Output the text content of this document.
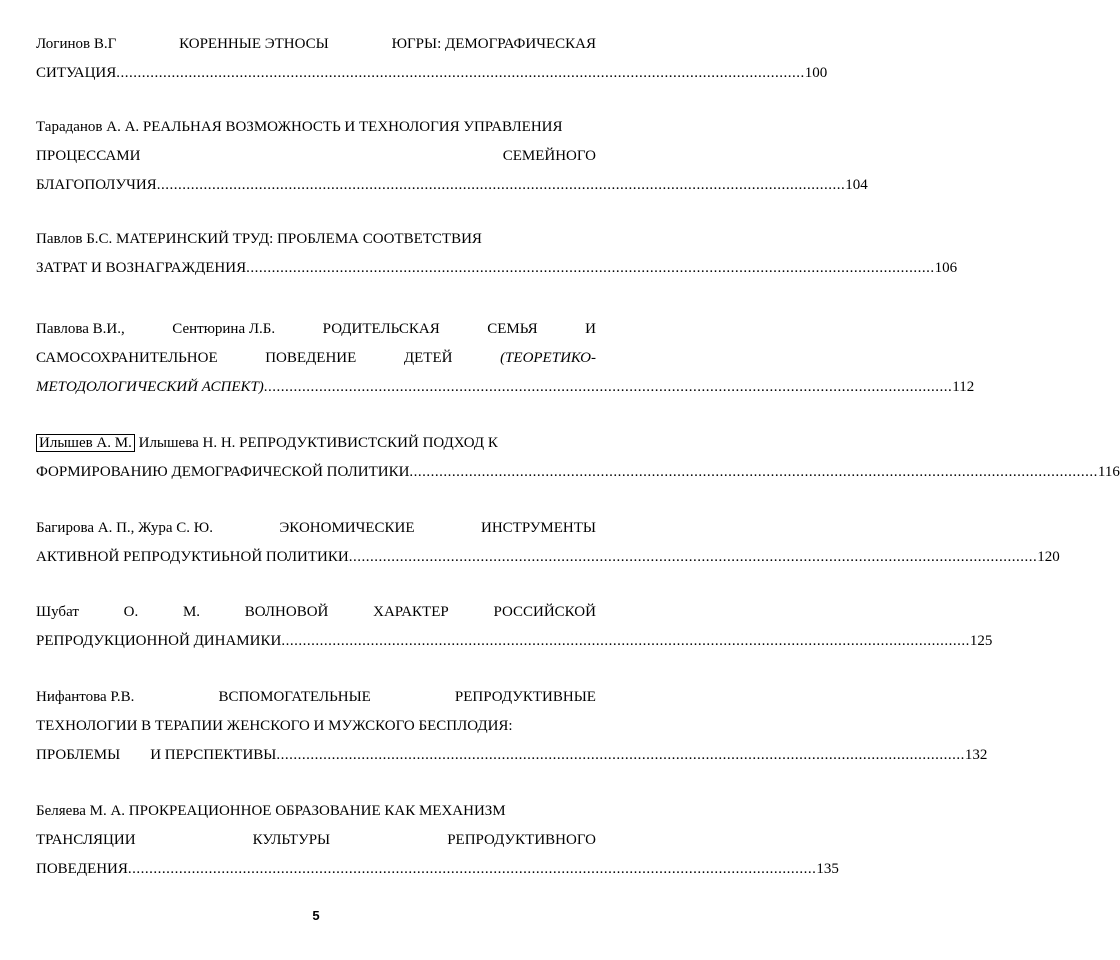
Логинов В.Г	КОРЕННЫЕ ЭТНОСЫ	ЮГРЫ: ДЕМОГРАФИЧЕСКАЯ
СИТУАЦИЯ .................................................................................................................................................................. 100
Тараданов А. А. РЕАЛЬНАЯ ВОЗМОЖНОСТЬ И ТЕХНОЛОГИЯ УПРАВЛЕНИЯ
ПРОЦЕССАМИ	СЕМЕЙНОГО
БЛАГОПОЛУЧИЯ .................................................................................................................................................................. 104
Павлов Б.С. МАТЕРИНСКИЙ ТРУД: ПРОБЛЕМА СООТВЕТСТВИЯ
ЗАТРАТ И ВОЗНАГРАЖДЕНИЯ .................................................................................................................................................................. 106
Павлова В.И.,	Сентюрина Л.Б.	РОДИТЕЛЬСКАЯ	СЕМЬЯ	И
САМОСОХРАНИТЕЛЬНОЕ	ПОВЕДЕНИЕ	ДЕТЕЙ	(ТЕОРЕТИКО-
МЕТОДОЛОГИЧЕСКИЙ АСПЕКТ) .................................................................................................................................................................. 112
Илышев А. М. Илышева Н. Н. РЕПРОДУКТИВИСТСКИЙ ПОДХОД К
ФОРМИРОВАНИЮ ДЕМОГРАФИЧЕСКОЙ ПОЛИТИКИ .................................................................................................................................................................. 116
Багирова А. П., Жура С. Ю.	ЭКОНОМИЧЕСКИЕ	ИНСТРУМЕНТЫ
АКТИВНОЙ РЕПРОДУКТИЬНОЙ ПОЛИТИКИ .................................................................................................................................................................. 120
Шубат	О.	М.	ВОЛНОВОЙ	ХАРАКТЕР	РОССИЙСКОЙ
РЕПРОДУКЦИОННОЙ ДИНАМИКИ .................................................................................................................................................................. 125
Нифантова Р.В.	ВСПОМОГАТЕЛЬНЫЕ	РЕПРОДУКТИВНЫЕ
ТЕХНОЛОГИИ В ТЕРАПИИ ЖЕНСКОГО И МУЖСКОГО БЕСПЛОДИЯ:
ПРОБЛЕМЫ И ПЕРСПЕКТИВЫ .................................................................................................................................................................. 132
Беляева М. А. ПРОКРЕАЦИОННОЕ ОБРАЗОВАНИЕ КАК МЕХАНИЗМ
ТРАНСЛЯЦИИ	КУЛЬТУРЫ	РЕПРОДУКТИВНОГО
ПОВЕДЕНИЯ .................................................................................................................................................................. 135
5
